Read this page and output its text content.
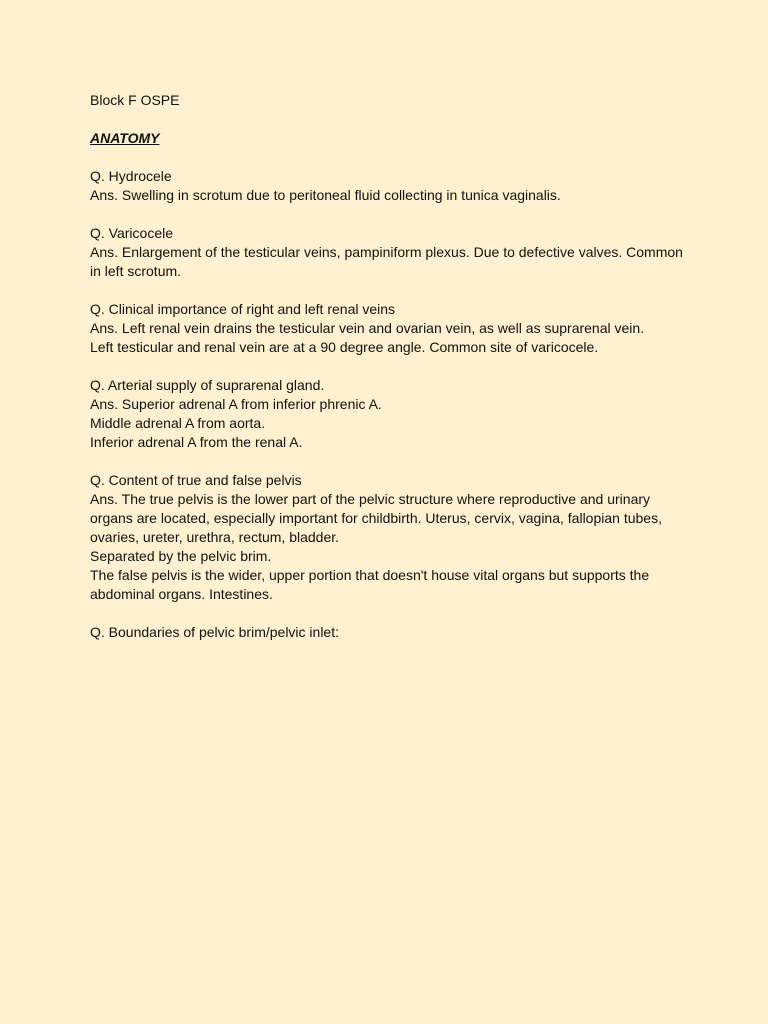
Block F OSPE
ANATOMY
Q. Hydrocele
Ans. Swelling in scrotum due to peritoneal fluid collecting in tunica vaginalis.
Q. Varicocele
Ans. Enlargement of the testicular veins, pampiniform plexus. Due to defective valves. Common
in left scrotum.
Q. Clinical importance of right and left renal veins
Ans. Left renal vein drains the testicular vein and ovarian vein, as well as suprarenal vein.
Left testicular and renal vein are at a 90 degree angle. Common site of varicocele.
Q. Arterial supply of suprarenal gland.
Ans. Superior adrenal A from inferior phrenic A.
Middle adrenal A from aorta.
Inferior adrenal A from the renal A.
Q. Content of true and false pelvis
Ans. The true pelvis is the lower part of the pelvic structure where reproductive and urinary
organs are located, especially important for childbirth. Uterus, cervix, vagina, fallopian tubes,
ovaries, ureter, urethra, rectum, bladder.
Separated by the pelvic brim.
The false pelvis is the wider, upper portion that doesn't house vital organs but supports the
abdominal organs. Intestines.
Q. Boundaries of pelvic brim/pelvic inlet:
